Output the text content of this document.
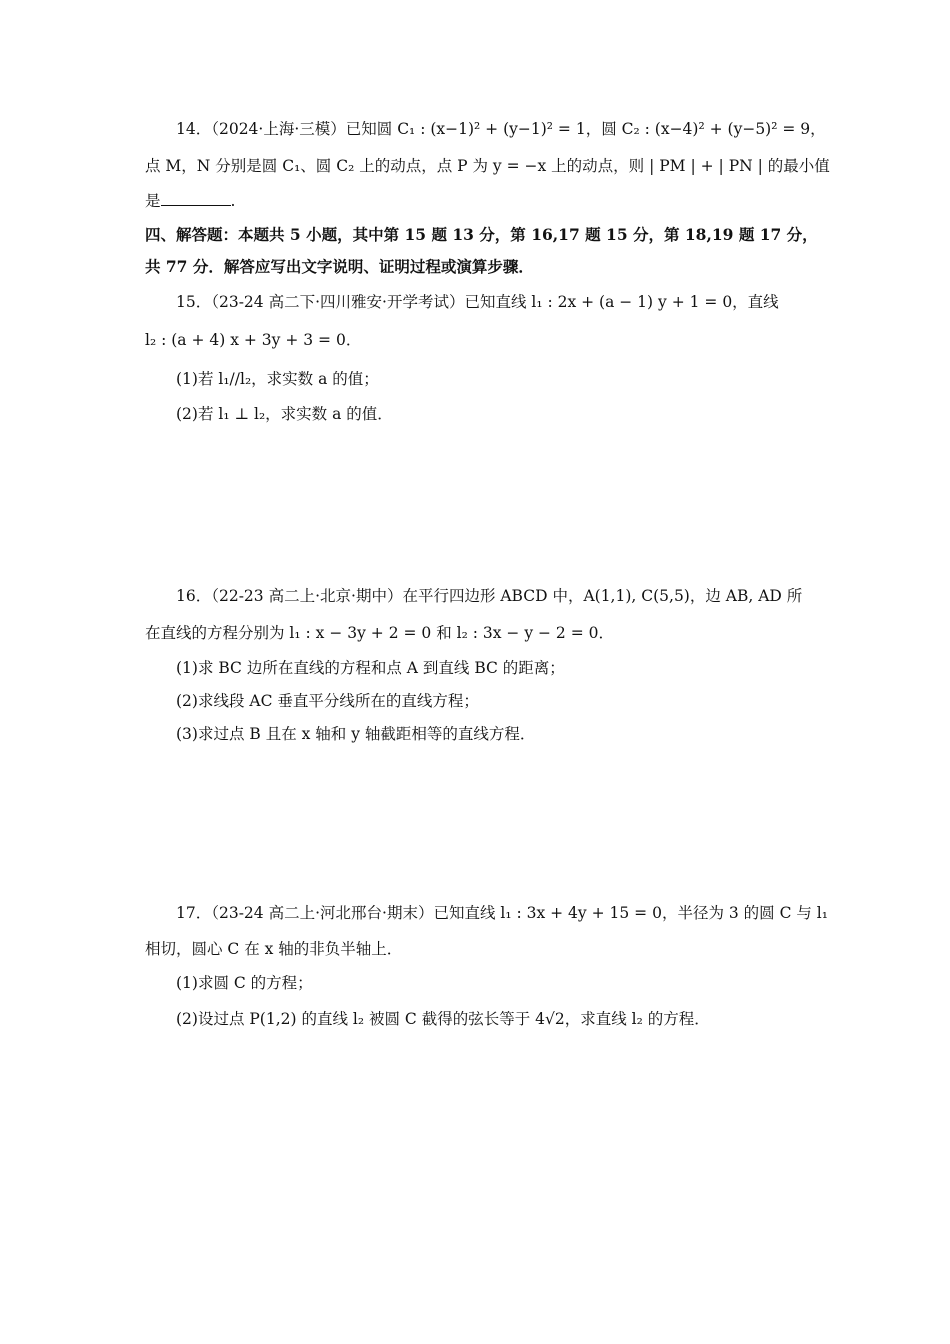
14．（2024·上海·三模）已知圆 C₁ : (x−1)² + (y−1)² = 1，圆 C₂ : (x−4)² + (y−5)² = 9，
点 M，N 分别是圆 C₁、圆 C₂ 上的动点，点 P 为 y = −x 上的动点，则 | PM | + | PN | 的最小值
是	.
四、解答题：本题共 5 小题，其中第 15 题 13 分，第 16,17 题 15 分，第 18,19 题 17 分，
共 77 分．解答应写出文字说明、证明过程或演算步骤．
15．（23-24 高二下·四川雅安·开学考试）已知直线 l₁ : 2x + (a − 1) y + 1 = 0，直线
l₂ : (a + 4) x + 3y + 3 = 0．
(1)若 l₁//l₂，求实数 a 的值；
(2)若 l₁ ⊥ l₂，求实数 a 的值．
16．（22-23 高二上·北京·期中）在平行四边形 ABCD 中，A(1,1), C(5,5)，边 AB, AD 所
在直线的方程分别为 l₁ : x − 3y + 2 = 0 和 l₂ : 3x − y − 2 = 0．
(1)求 BC 边所在直线的方程和点 A 到直线 BC 的距离；
(2)求线段 AC 垂直平分线所在的直线方程；
(3)求过点 B 且在 x 轴和 y 轴截距相等的直线方程．
17．（23-24 高二上·河北邢台·期末）已知直线 l₁ : 3x + 4y + 15 = 0，半径为 3 的圆 C 与 l₁
相切，圆心 C 在 x 轴的非负半轴上．
(1)求圆 C 的方程；
(2)设过点 P(1,2) 的直线 l₂ 被圆 C 截得的弦长等于 4√2，求直线 l₂ 的方程．
